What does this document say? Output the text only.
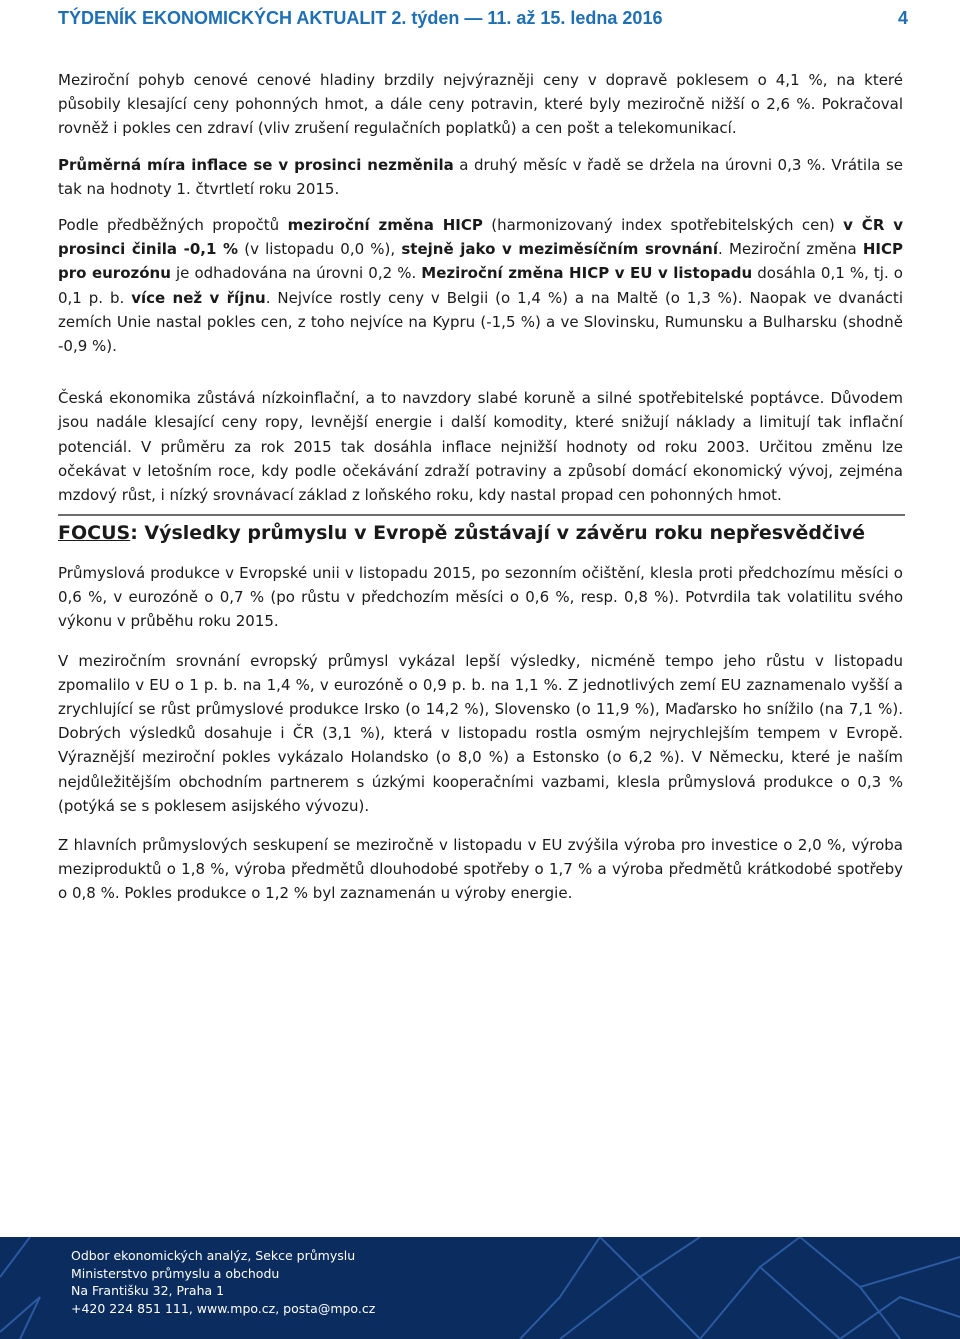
TÝDENÍK EKONOMICKÝCH AKTUALIT 2. týden — 11. až 15. ledna 2016	4

Meziroční pohyb cenové cenové hladiny brzdily nejvýrazněji ceny v dopravě poklesem o 4,1 %, na které působily klesající ceny pohonných hmot, a dále ceny potravin, které byly meziročně nižší o 2,6 %. Pokračoval rovněž i pokles cen zdraví (vliv zrušení regulačních poplatků) a cen pošt a telekomunikací.

Průměrná míra inflace se v prosinci nezměnila a druhý měsíc v řadě se držela na úrovni 0,3 %. Vrátila se tak na hodnoty 1. čtvrtletí roku 2015.

Podle předběžných propočtů meziroční změna HICP (harmonizovaný index spotřebitelských cen) v ČR v prosinci činila -0,1 % (v listopadu 0,0 %), stejně jako v meziměsíčním srovnání. Meziroční změna HICP pro eurozónu je odhadována na úrovni 0,2 %. Meziroční změna HICP v EU v listopadu dosáhla 0,1 %, tj. o 0,1 p. b. více než v říjnu. Nejvíce rostly ceny v Belgii (o 1,4 %) a na Maltě (o 1,3 %). Naopak ve dvanácti zemích Unie nastal pokles cen, z toho nejvíce na Kypru (-1,5 %) a ve Slovinsku, Rumunsku a Bulharsku (shodně -0,9 %).

Česká ekonomika zůstává nízkoinflační, a to navzdory slabé koruně a silné spotřebitelské poptávce. Důvodem jsou nadále klesající ceny ropy, levnější energie i další komodity, které snižují náklady a limitují tak inflační potenciál. V průměru za rok 2015 tak dosáhla inflace nejnižší hodnoty od roku 2003. Určitou změnu lze očekávat v letošním roce, kdy podle očekávání zdraží potraviny a způsobí domácí ekonomický vývoj, zejména mzdový růst, i nízký srovnávací základ z loňského roku, kdy nastal propad cen pohonných hmot.

FOCUS: Výsledky průmyslu v Evropě zůstávají v závěru roku nepřesvědčivé

Průmyslová produkce v Evropské unii v listopadu 2015, po sezonním očištění, klesla proti předchozímu měsíci o 0,6 %, v eurozóně o 0,7 % (po růstu v předchozím měsíci o 0,6 %, resp. 0,8 %). Potvrdila tak volatilitu svého výkonu v průběhu roku 2015.

V meziročním srovnání evropský průmysl vykázal lepší výsledky, nicméně tempo jeho růstu v listopadu zpomalilo v EU o 1 p. b. na 1,4 %, v eurozóně o 0,9 p. b. na 1,1 %. Z jednotlivých zemí EU zaznamenalo vyšší a zrychlující se růst průmyslové produkce Irsko (o 14,2 %), Slovensko (o 11,9 %), Maďarsko ho snížilo (na 7,1 %). Dobrých výsledků dosahuje i ČR (3,1 %), která v listopadu rostla osmým nejrychlejším tempem v Evropě. Výraznější meziroční pokles vykázalo Holandsko (o 8,0 %) a Estonsko (o 6,2 %). V Německu, které je naším nejdůležitějším obchodním partnerem s úzkými kooperačními vazbami, klesla průmyslová produkce o 0,3 % (potýká se s poklesem asijského vývozu).

Z hlavních průmyslových seskupení se meziročně v listopadu v EU zvýšila výroba pro investice o 2,0 %, výroba meziproduktů o 1,8 %, výroba předmětů dlouhodobé spotřeby o 1,7 % a výroba předmětů krátkodobé spotřeby o 0,8 %. Pokles produkce o 1,2 % byl zaznamenán u výroby energie.

Odbor ekonomických analýz, Sekce průmyslu
Ministerstvo průmyslu a obchodu
Na Františku 32, Praha 1
+420 224 851 111, www.mpo.cz, posta@mpo.cz
